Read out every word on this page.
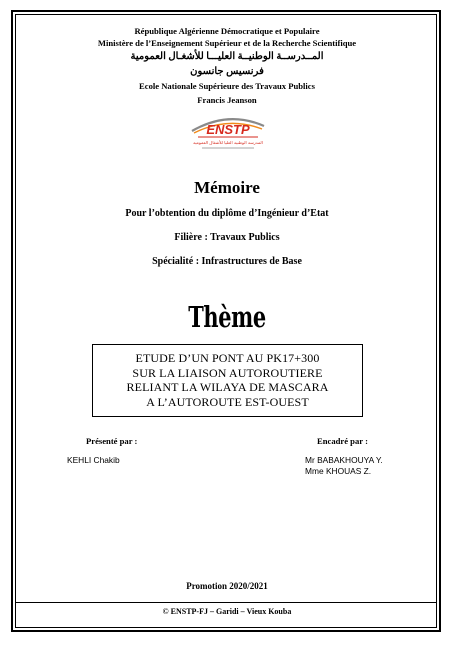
République Algérienne Démocratique et Populaire
Ministère de l’Enseignement Supérieur et de la Recherche Scientifique
المــدرســة الوطنيــة العليـــا للأشغـال العمومية
فرنسيس جانسون
Ecole Nationale Supérieure des Travaux Publics
Francis Jeanson
ENSTP
المدرسة الوطنية العليا للأشغال العمومية
Mémoire
Pour l’obtention du diplôme d’Ingénieur d’Etat
Filière : Travaux Publics
Spécialité : Infrastructures de Base
Thème
ETUDE D’UN PONT AU PK17+300
SUR LA LIAISON AUTOROUTIERE
RELIANT LA WILAYA DE MASCARA
A L’AUTOROUTE EST-OUEST
Présenté par :	Encadré par :
KEHLI Chakib	Mr BABAKHOUYA Y.
Mme KHOUAS Z.
Promotion 2020/2021
© ENSTP-FJ – Garidi – Vieux Kouba
